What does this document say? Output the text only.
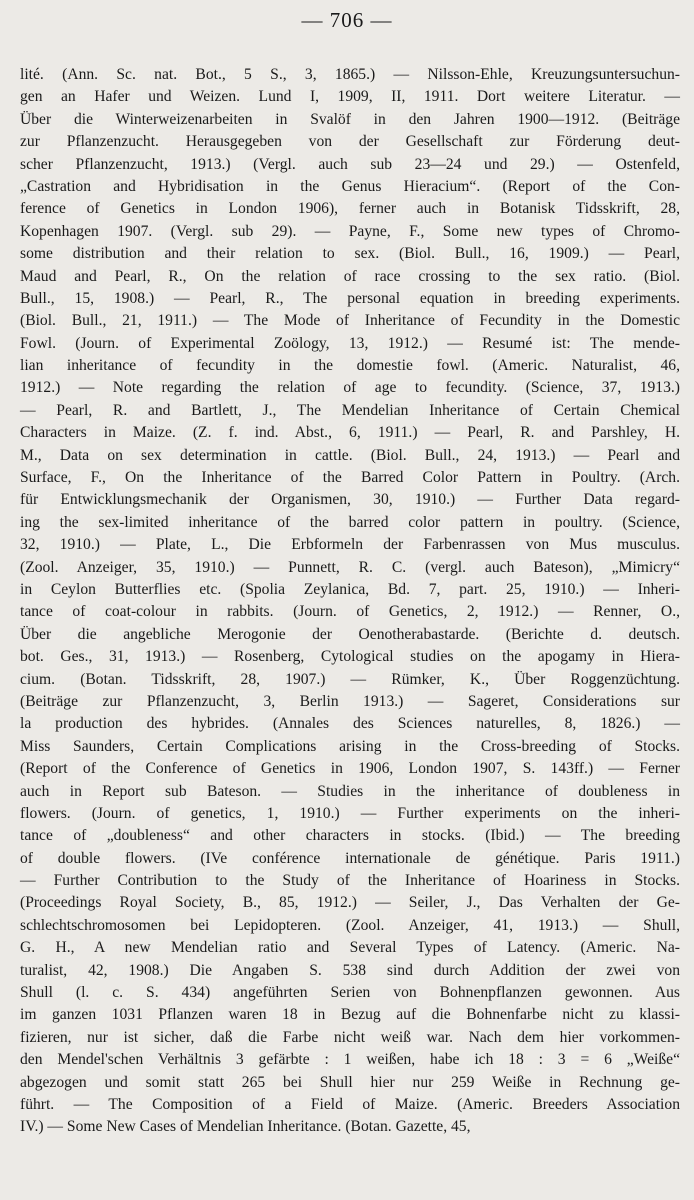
— 706 —
lité. (Ann. Sc. nat. Bot., 5 S., 3, 1865.) — Nilsson-Ehle, Kreuzungsuntersuchun-
gen an Hafer und Weizen. Lund I, 1909, II, 1911. Dort weitere Literatur. —
Über die Winterweizenarbeiten in Svalöf in den Jahren 1900—1912. (Beiträge
zur Pflanzenzucht. Herausgegeben von der Gesellschaft zur Förderung deut-
scher Pflanzenzucht, 1913.) (Vergl. auch sub 23—24 und 29.) — Ostenfeld,
„Castration and Hybridisation in the Genus Hieracium“. (Report of the Con-
ference of Genetics in London 1906), ferner auch in Botanisk Tidsskrift, 28,
Kopenhagen 1907. (Vergl. sub 29). — Payne, F., Some new types of Chromo-
some distribution and their relation to sex. (Biol. Bull., 16, 1909.) — Pearl,
Maud and Pearl, R., On the relation of race crossing to the sex ratio. (Biol.
Bull., 15, 1908.) — Pearl, R., The personal equation in breeding experiments.
(Biol. Bull., 21, 1911.) — The Mode of Inheritance of Fecundity in the Domestic
Fowl. (Journ. of Experimental Zoölogy, 13, 1912.) — Resumé ist: The mende-
lian inheritance of fecundity in the domestie fowl. (Americ. Naturalist, 46,
1912.) — Note regarding the relation of age to fecundity. (Science, 37, 1913.)
— Pearl, R. and Bartlett, J., The Mendelian Inheritance of Certain Chemical
Characters in Maize. (Z. f. ind. Abst., 6, 1911.) — Pearl, R. and Parshley, H.
M., Data on sex determination in cattle. (Biol. Bull., 24, 1913.) — Pearl and
Surface, F., On the Inheritance of the Barred Color Pattern in Poultry. (Arch.
für Entwicklungsmechanik der Organismen, 30, 1910.) — Further Data regard-
ing the sex-limited inheritance of the barred color pattern in poultry. (Science,
32, 1910.) — Plate, L., Die Erbformeln der Farbenrassen von Mus musculus.
(Zool. Anzeiger, 35, 1910.) — Punnett, R. C. (vergl. auch Bateson), „Mimicry“
in Ceylon Butterflies etc. (Spolia Zeylanica, Bd. 7, part. 25, 1910.) — Inheri-
tance of coat-colour in rabbits. (Journ. of Genetics, 2, 1912.) — Renner, O.,
Über die angebliche Merogonie der Oenotherabastarde. (Berichte d. deutsch.
bot. Ges., 31, 1913.) — Rosenberg, Cytological studies on the apogamy in Hiera-
cium. (Botan. Tidsskrift, 28, 1907.) — Rümker, K., Über Roggenzüchtung.
(Beiträge zur Pflanzenzucht, 3, Berlin 1913.) — Sageret, Considerations sur
la production des hybrides. (Annales des Sciences naturelles, 8, 1826.) —
Miss Saunders, Certain Complications arising in the Cross-breeding of Stocks.
(Report of the Conference of Genetics in 1906, London 1907, S. 143ff.) — Ferner
auch in Report sub Bateson. — Studies in the inheritance of doubleness in
flowers. (Journ. of genetics, 1, 1910.) — Further experiments on the inheri-
tance of „doubleness“ and other characters in stocks. (Ibid.) — The breeding
of double flowers. (IVe conférence internationale de génétique. Paris 1911.)
— Further Contribution to the Study of the Inheritance of Hoariness in Stocks.
(Proceedings Royal Society, B., 85, 1912.) — Seiler, J., Das Verhalten der Ge-
schlechtschromosomen bei Lepidopteren. (Zool. Anzeiger, 41, 1913.) — Shull,
G. H., A new Mendelian ratio and Several Types of Latency. (Americ. Na-
turalist, 42, 1908.) Die Angaben S. 538 sind durch Addition der zwei von
Shull (l. c. S. 434) angeführten Serien von Bohnenpflanzen gewonnen. Aus
im ganzen 1031 Pflanzen waren 18 in Bezug auf die Bohnenfarbe nicht zu klassi-
fizieren, nur ist sicher, daß die Farbe nicht weiß war. Nach dem hier vorkommen-
den Mendel'schen Verhältnis 3 gefärbte : 1 weißen, habe ich 18 : 3 = 6 „Weiße“
abgezogen und somit statt 265 bei Shull hier nur 259 Weiße in Rechnung ge-
führt. — The Composition of a Field of Maize. (Americ. Breeders Association
IV.) — Some New Cases of Mendelian Inheritance. (Botan. Gazette, 45,
